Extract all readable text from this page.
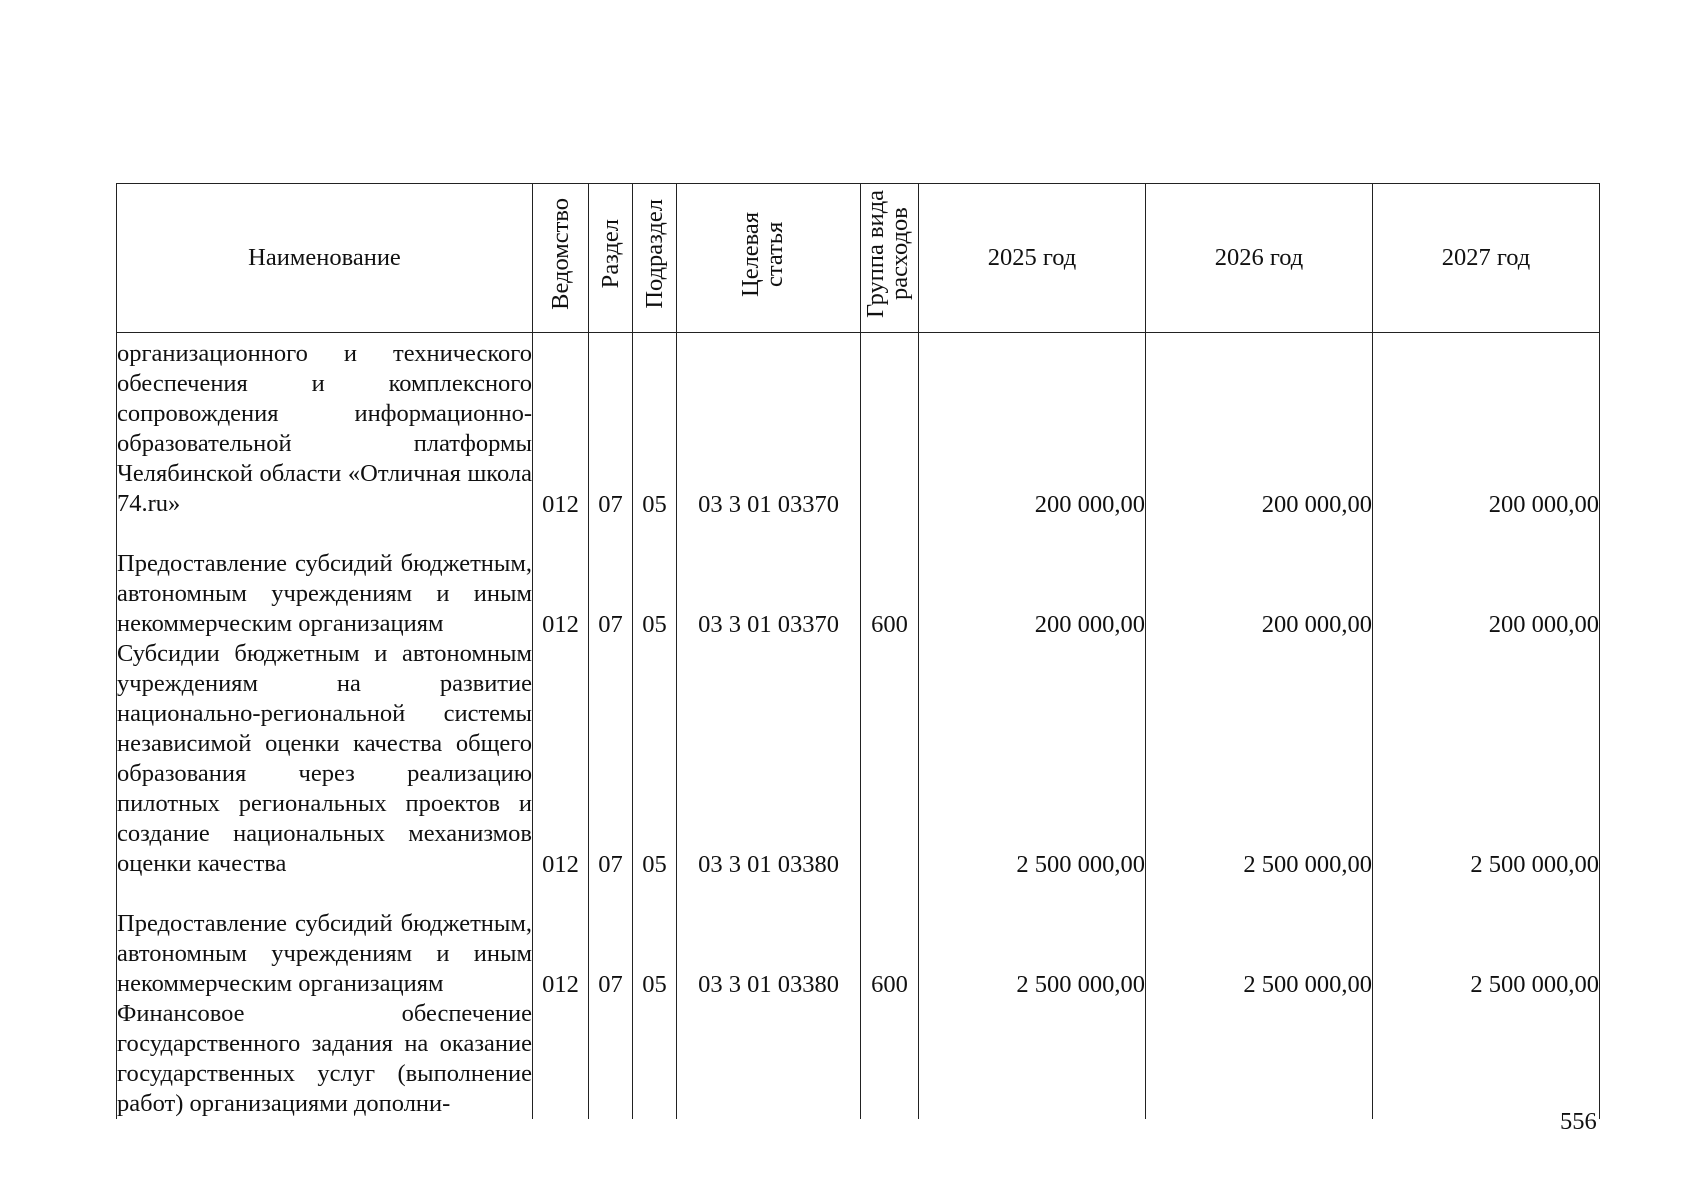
Наименование	Ведомство	Раздел	Подраздел	Целевая статья	Группа вида расходов	2025 год	2026 год	2027 год
организационного и технического обеспечения и комплексного сопровождения информационно-образовательной платформы Челябинской области «Отличная школа 74.ru»	012	07	05	03 3 01 03370		200 000,00	200 000,00	200 000,00
Предоставление субсидий бюджетным, автономным учреждениям и иным некоммерческим организациям	012	07	05	03 3 01 03370	600	200 000,00	200 000,00	200 000,00
Субсидии бюджетным и автономным учреждениям на развитие национально-региональной системы независимой оценки качества общего образования через реализацию пилотных региональных проектов и создание национальных механизмов оценки качества	012	07	05	03 3 01 03380		2 500 000,00	2 500 000,00	2 500 000,00
Предоставление субсидий бюджетным, автономным учреждениям и иным некоммерческим организациям	012	07	05	03 3 01 03380	600	2 500 000,00	2 500 000,00	2 500 000,00
Финансовое обеспечение государственного задания на оказание государственных услуг (выполнение работ) организациями дополни-								
556
